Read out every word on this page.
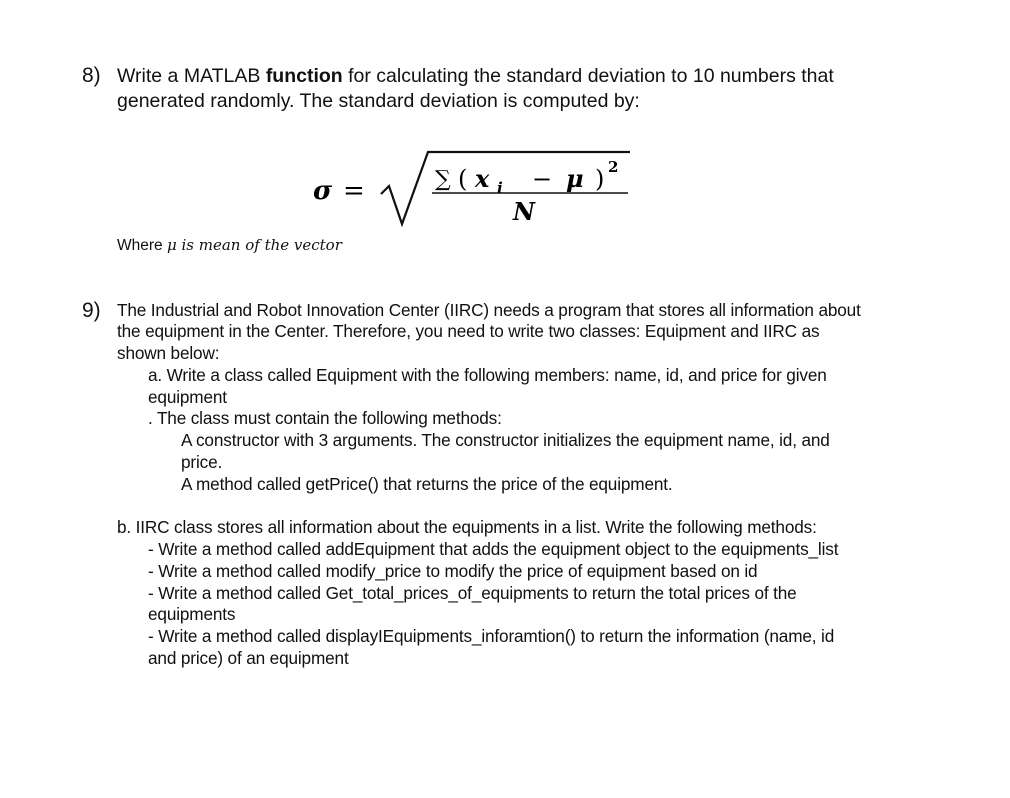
8) Write a MATLAB function for calculating the standard deviation to 10 numbers that
generated randomly. The standard deviation is computed by:
σ =	∑ ( x i − μ ) 2
N
Where μ is mean of the vector
9) The Industrial and Robot Innovation Center (IIRC) needs a program that stores all information about
the equipment in the Center. Therefore, you need to write two classes: Equipment and IIRC as
shown below:
a. Write a class called Equipment with the following members: name, id, and price for given
equipment
. The class must contain the following methods:
A constructor with 3 arguments. The constructor initializes the equipment name, id, and
price.
A method called getPrice() that returns the price of the equipment.
b. IIRC class stores all information about the equipments in a list. Write the following methods:
- Write a method called addEquipment that adds the equipment object to the equipments_list
- Write a method called modify_price to modify the price of equipment based on id
- Write a method called Get_total_prices_of_equipments to return the total prices of the
equipments
- Write a method called displayIEquipments_inforamtion() to return the information (name, id
and price) of an equipment
